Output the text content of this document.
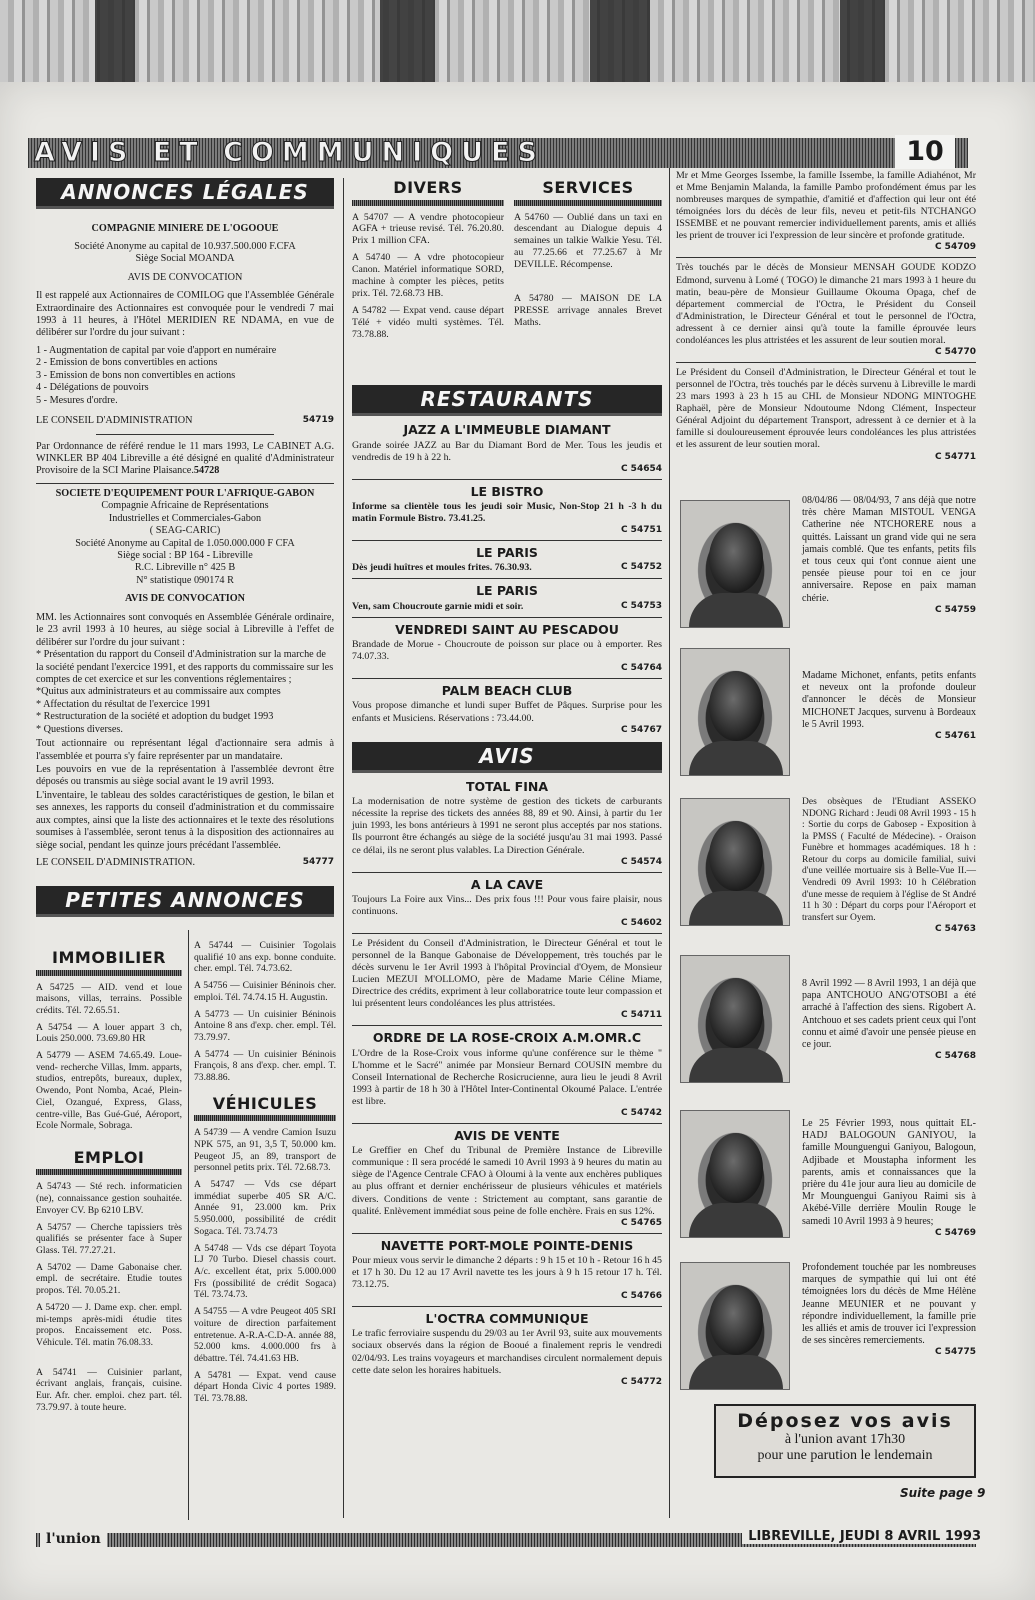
AVIS ET COMMUNIQUES	10
ANNONCES LÉGALES

COMPAGNIE MINIERE DE L'OGOOUE

Société Anonyme au capital de 10.937.500.000 F.CFA

Siège Social MOANDA

AVIS DE CONVOCATION

Il est rappelé aux Actionnaires de COMILOG que l'Assemblée Générale Extraordinaire des Actionnaires est convoquée pour le vendredi 7 mai 1993 à 11 heures, à l'Hôtel MERIDIEN RE NDAMA, en vue de délibérer sur l'ordre du jour suivant :

1 - Augmentation de capital par voie d'apport en numéraire
2 - Emission de bons convertibles en actions
3 - Emission de bons non convertibles en actions
4 - Délégations de pouvoirs
5 - Mesures d'ordre.
LE CONSEIL D'ADMINISTRATION	54719

Par Ordonnance de référé rendue le 11 mars 1993, Le CABINET A.G. WINKLER BP 404 Libreville a été désigné en qualité d'Administrateur Provisoire de la SCI Marine Plaisance.54728

SOCIETE D'EQUIPEMENT POUR L'AFRIQUE-GABON

Compagnie Africaine de Représentations

Industrielles et Commerciales-Gabon

( SEAG-CARIC)

Société Anonyme au Capital de 1.050.000.000 F CFA

Siège social : BP 164 - Libreville

R.C. Libreville n° 425 B

N° statistique 090174 R

AVIS DE CONVOCATION

MM. les Actionnaires sont convoqués en Assemblée Générale ordinaire, le 23 avril 1993 à 10 heures, au siège social à Libreville à l'effet de délibérer sur l'ordre du jour suivant :

* Présentation du rapport du Conseil d'Administration sur la marche de la société pendant l'exercice 1991, et des rapports du commissaire sur les comptes de cet exercice et sur les conventions réglementaires ;
*Quitus aux administrateurs et au commissaire aux comptes
* Affectation du résultat de l'exercice 1991
* Restructuration de la société et adoption du budget 1993
* Questions diverses.

Tout actionnaire ou représentant légal d'actionnaire sera admis à l'assemblée et pourra s'y faire représenter par un mandataire.

Les pouvoirs en vue de la représentation à l'assemblée devront être déposés ou transmis au siège social avant le 19 avril 1993.

L'inventaire, le tableau des soldes caractéristiques de gestion, le bilan et ses annexes, les rapports du conseil d'administration et du commissaire aux comptes, ainsi que la liste des actionnaires et le texte des résolutions soumises à l'assemblée, seront tenus à la disposition des actionnaires au siège social, pendant les quinze jours précédant l'assemblée.

LE CONSEIL D'ADMINISTRATION.	54777
PETITES ANNONCES
IMMOBILIER

A 54725 — AID. vend et loue maisons, villas, terrains. Possible crédits. Tél. 72.65.51.

A 54754 — A louer appart 3 ch, Louis 250.000. 73.69.80 HR

A 54779 — ASEM 74.65.49. Loue- vend- recherche Villas, Imm. apparts, studios, entrepôts, bureaux, duplex, Owendo, Pont Nomba, Acaé, Plein-Ciel, Ozangué, Express, Glass, centre-ville, Bas Gué-Gué, Aéroport, Ecole Normale, Sobraga.

EMPLOI

A 54743 — Sté rech. informaticien (ne), connaissance gestion souhaitée. Envoyer CV. Bp 6210 LBV.

A 54757 — Cherche tapissiers très qualifiés se présenter face à Super Glass. Tél. 77.27.21.

A 54702 — Dame Gabonaise cher. empl. de secrétaire. Etudie toutes propos. Tél. 70.05.21.

A 54720 — J. Dame exp. cher. empl. mi-temps après-midi étudie tites propos. Encaissement etc. Poss. Véhicule. Tél. matin 76.08.33.

A 54741 — Cuisinier parlant, écrivant anglais, français, cuisine. Eur. Afr. cher. emploi. chez part. tél. 73.79.97. à toute heure.

A 54744 — Cuisinier Togolais qualifié 10 ans exp. bonne conduite. cher. empl. Tél. 74.73.62.

A 54756 — Cuisinier Béninois cher. emploi. Tél. 74.74.15 H. Augustin.

A 54773 — Un cuisinier Béninois Antoine 8 ans d'exp. cher. empl. Tél. 73.79.97.

A 54774 — Un cuisinier Béninois François, 8 ans d'exp. cher. empl. T. 73.88.86.

VÉHICULES

A 54739 — A vendre Camion Isuzu NPK 575, an 91, 3,5 T, 50.000 km. Peugeot J5, an 89, transport de personnel petits prix. Tél. 72.68.73.

A 54747 — Vds cse départ immédiat superbe 405 SR A/C. Année 91, 23.000 km. Prix 5.950.000, possibilité de crédit Sogaca. Tél. 73.74.73

A 54748 — Vds cse départ Toyota LJ 70 Turbo. Diesel chassis court. A/c. excellent état, prix 5.000.000 Frs (possibilité de crédit Sogaca) Tél. 73.74.73.

A 54755 — A vdre Peugeot 405 SRI voiture de direction parfaitement entretenue. A-R.A-C.D-A. année 88, 52.000 kms. 4.000.000 frs à débattre. Tél. 74.41.63 HB.

A 54781 — Expat. vend cause départ Honda Civic 4 portes 1989. Tél. 73.78.88.

DIVERS

A 54707 — A vendre photocopieur AGFA + trieuse revisé. Tél. 76.20.80. Prix 1 million CFA.

A 54740 — A vdre photocopieur Canon. Matériel informatique SORD, machine à compter les pièces, petits prix. Tél. 72.68.73 HB.

A 54782 — Expat vend. cause départ Télé + vidéo multi systèmes. Tél. 73.78.88.

SERVICES

A 54760 — Oublié dans un taxi en descendant au Dialogue depuis 4 semaines un talkie Walkie Yesu. Tél. au 77.25.66 et 77.25.67 à Mr DEVILLE. Récompense.

A 54780 — MAISON DE LA PRESSE arrivage annales Brevet Maths.

RESTAURANTS
JAZZ A L'IMMEUBLE DIAMANT

Grande soirée JAZZ au Bar du Diamant Bord de Mer. Tous les jeudis et vendredis de 19 h à 22 h.

C 54654
LE BISTRO

Informe sa clientèle tous les jeudi soir Music, Non-Stop 21 h -3 h du matin Formule Bistro. 73.41.25.

C 54751
LE PARIS
Dès jeudi huîtres et moules frites. 76.30.93.	C 54752
LE PARIS
Ven, sam Choucroute garnie midi et soir.	C 54753
VENDREDI SAINT AU PESCADOU

Brandade de Morue - Choucroute de poisson sur place ou à emporter. Res 74.07.33.

C 54764
PALM BEACH CLUB

Vous propose dimanche et lundi super Buffet de Pâques. Surprise pour les enfants et Musiciens. Réservations : 73.44.00.

C 54767
AVIS
TOTAL FINA

La modernisation de notre système de gestion des tickets de carburants nécessite la reprise des tickets des années 88, 89 et 90. Ainsi, à partir du 1er juin 1993, les bons antérieurs à 1991 ne seront plus acceptés par nos stations. Ils pourront être échangés au siège de la société jusqu'au 31 mai 1993. Passé ce délai, ils ne seront plus valables. La Direction Générale.

C 54574
A LA CAVE

Toujours La Foire aux Vins... Des prix fous !!! Pour vous faire plaisir, nous continuons.

C 54602

Le Président du Conseil d'Administration, le Directeur Général et tout le personnel de la Banque Gabonaise de Développement, très touchés par le décès survenu le 1er Avril 1993 à l'hôpital Provincial d'Oyem, de Monsieur Lucien MEZUI M'OLLOMO, père de Madame Marie Céline Miame, Directrice des crédits, expriment à leur collaboratrice toute leur compassion et lui présentent leurs condoléances les plus attristées.

C 54711
ORDRE DE LA ROSE-CROIX A.M.OMR.C

L'Ordre de la Rose-Croix vous informe qu'une conférence sur le thème " L'homme et le Sacré" animée par Monsieur Bernard COUSIN membre du Conseil International de Recherche Rosicrucienne, aura lieu le jeudi 8 Avril 1993 à partir de 18 h 30 à l'Hôtel Inter-Continental Okoumé Palace. L'entrée est libre.

C 54742
AVIS DE VENTE

Le Greffier en Chef du Tribunal de Première Instance de Libreville communique : Il sera procédé le samedi 10 Avril 1993 à 9 heures du matin au siège de l'Agence Centrale CFAO à Oloumi à la vente aux enchères publiques au plus offrant et dernier enchérisseur de plusieurs véhicules et matériels divers. Conditions de vente : Strictement au comptant, sans garantie de qualité. Enlèvement immédiat sous peine de folle enchère. Frais en sus 12%.

C 54765
NAVETTE PORT-MOLE POINTE-DENIS

Pour mieux vous servir le dimanche 2 départs : 9 h 15 et 10 h - Retour 16 h 45 et 17 h 30. Du 12 au 17 Avril navette tes les jours à 9 h 15 retour 17 h. Tél. 73.12.75.

C 54766
L'OCTRA COMMUNIQUE

Le trafic ferroviaire suspendu du 29/03 au 1er Avril 93, suite aux mouvements sociaux observés dans la région de Booué a finalement repris le vendredi 02/04/93. Les trains voyageurs et marchandises circulent normalement depuis cette date selon les horaires habituels.

C 54772

Mr et Mme Georges Issembe, la famille Issembe, la famille Adiahénot, Mr et Mme Benjamin Malanda, la famille Pambo profondément émus par les nombreuses marques de sympathie, d'amitié et d'affection qui leur ont été témoignées lors du décès de leur fils, neveu et petit-fils NTCHANGO ISSEMBE et ne pouvant remercier individuellement parents, amis et alliés les prient de trouver ici l'expression de leur sincère et profonde gratitude.

C 54709

Très touchés par le décès de Monsieur MENSAH GOUDE KODZO Edmond, survenu à Lomé ( TOGO) le dimanche 21 mars 1993 à 1 heure du matin, beau-père de Monsieur Guillaume Okouma Opaga, chef de département commercial de l'Octra, le Président du Conseil d'Administration, le Directeur Général et tout le personnel de l'Octra, adressent à ce dernier ainsi qu'à toute la famille éprouvée leurs condoléances les plus attristées et les assurent de leur soutien moral.

C 54770

Le Président du Conseil d'Administration, le Directeur Général et tout le personnel de l'Octra, très touchés par le décès survenu à Libreville le mardi 23 mars 1993 à 23 h 15 au CHL de Monsieur NDONG MINTOGHE Raphaël, père de Monsieur Ndoutoume Ndong Clément, Inspecteur Général Adjoint du département Transport, adressent à ce dernier et à la famille si douloureusement éprouvée leurs condoléances les plus attristées et les assurent de leur soutien moral.

C 54771
08/04/86 — 08/04/93, 7 ans déjà que notre très chère Maman MISTOUL VENGA Catherine née NTCHORERE nous a quittés. Laissant un grand vide qui ne sera jamais comblé. Que tes enfants, petits fils et tous ceux qui t'ont connue aient une pensée pieuse pour toi en ce jour anniversaire. Repose en paix maman chérie.
C 54759
Madame Michonet, enfants, petits enfants et neveux ont la profonde douleur d'annoncer le décès de Monsieur MICHONET Jacques, survenu à Bordeaux le 5 Avril 1993.
C 54761
Des obsèques de l'Etudiant ASSEKO NDONG Richard : Jeudi 08 Avril 1993 - 15 h : Sortie du corps de Gabosep - Exposition à la PMSS ( Faculté de Médecine). - Oraison Funèbre et hommages académiques. 18 h : Retour du corps au domicile familial, suivi d'une veillée mortuaire sis à Belle-Vue II.— Vendredi 09 Avril 1993: 10 h Célébration d'une messe de requiem à l'église de St André 11 h 30 : Départ du corps pour l'Aéroport et transfert sur Oyem.
C 54763
8 Avril 1992 — 8 Avril 1993, 1 an déjà que papa ANTCHOUO ANG'OTSOBI a été arraché à l'affection des siens. Rigobert A. Antchouo et ses cadets prient ceux qui l'ont connu et aimé d'avoir une pensée pieuse en ce jour.
C 54768
Le 25 Février 1993, nous quittait EL-HADJ BALOGOUN GANIYOU, la famille Mounguengui Ganiyou, Balogoun, Adjibade et Moustapha informent les parents, amis et connaissances que la prière du 41e jour aura lieu au domicile de Mr Mounguengui Ganiyou Raimi sis à Akébé-Ville derrière Moulin Rouge le samedi 10 Avril 1993 à 9 heures;
C 54769
Profondement touchée par les nombreuses marques de sympathie qui lui ont été témoignées lors du décès de Mme Hélène Jeanne MEUNIER et ne pouvant y répondre individuellement, la famille prie les alliés et amis de trouver ici l'expression de ses sincères remerciements.
C 54775
Déposez vos avis
à l'union avant 17h30
pour une parution le lendemain
Suite page 9
l'union	LIBREVILLE, JEUDI 8 AVRIL 1993
